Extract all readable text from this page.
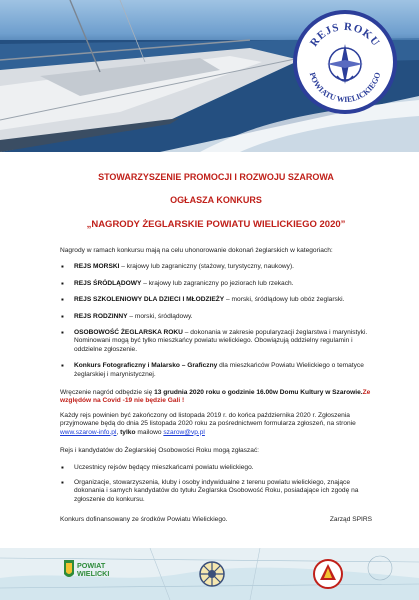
REJS ROKU
POWIATU WIELICKIEGO
STOWARZYSZENIE PROMOCJI I ROZWOJU SZAROWA
OGŁASZA KONKURS
„NAGRODY ŻEGLARSKIE POWIATU WIELICKIEGO 2020”
Nagrody w ramach konkursu mają na celu uhonorowanie dokonań żeglarskich w kategoriach:
▪ REJS MORSKI – krajowy lub zagraniczny (stażowy, turystyczny, naukowy).
▪ REJS ŚRÓDLĄDOWY – krajowy lub zagraniczny po jeziorach lub rzekach.
▪ REJS SZKOLENIOWY DLA DZIECI I MŁODZIEŻY – morski, śródlądowy lub obóz żeglarski.
▪ REJS RODZINNY – morski, śródlądowy.
▪ OSOBOWOŚĆ ŻEGLARSKA ROKU – dokonania w zakresie popularyzacji żeglarstwa i marynistyki. Nominowani mogą być tylko mieszkańcy powiatu wielickiego. Obowiązują oddzielny regulamin i oddzielne zgłoszenie.
▪ Konkurs Fotograficzny i Malarsko – Graficzny dla mieszkańców Powiatu Wielickiego o tematyce żeglarskiej i marynistycznej.
Wręczenie nagród odbędzie się 13 grudnia 2020 roku o godzinie 16.00w Domu Kultury w Szarowie.Ze względów na Covid -19 nie będzie Gali !
Każdy rejs powinien być zakończony od listopada 2019 r. do końca października 2020 r. Zgłoszenia przyjmowane będą do dnia 25 listopada 2020 roku za pośrednictwem formularza zgłoszeń, na stronie www.szarow-info.pl, tylko mailowo szarow@vp.pl
Rejs i kandydatów do Żeglarskiej Osobowości Roku mogą zgłaszać:
▪ Uczestnicy rejsów będący mieszkańcami powiatu wielickiego.
▪ Organizacje, stowarzyszenia, kluby i osoby indywidualne z terenu powiatu wielickiego, znające dokonania i samych kandydatów do tytułu Żeglarska Osobowość Roku, posiadające ich zgodę na zgłoszenie do konkursu.
Konkurs dofinansowany ze środków Powiatu Wielickiego.	Zarząd SPIRS
POWIAT
WIELICKI
